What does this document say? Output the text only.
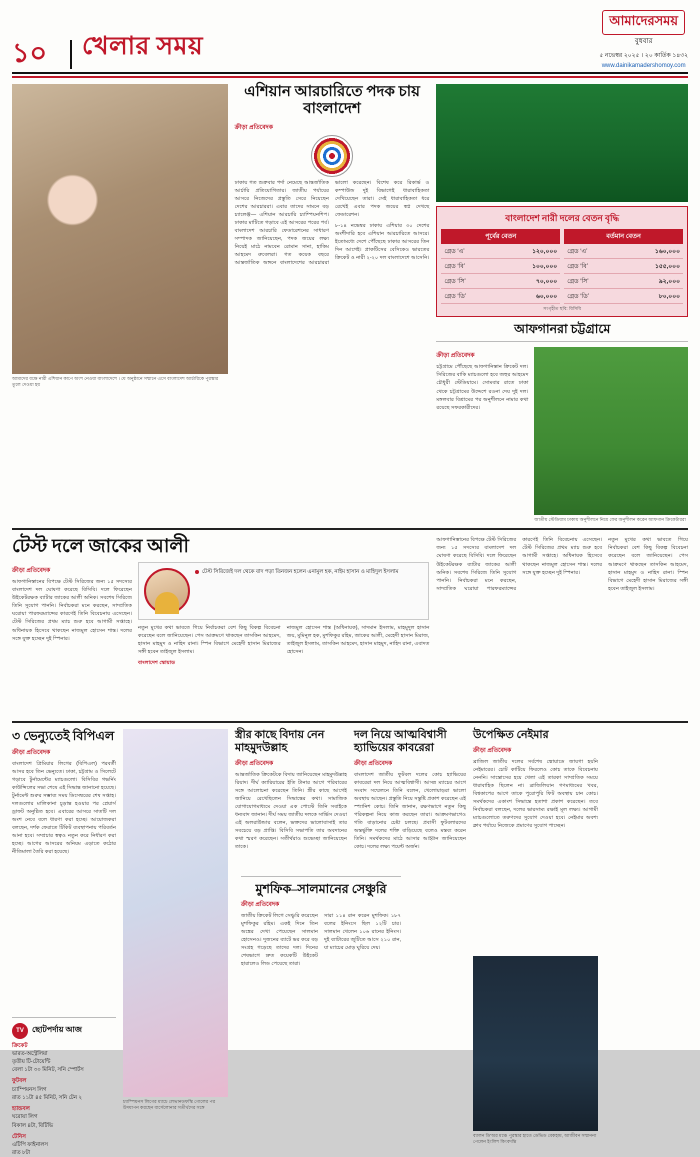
১০	খেলার সময়
আমাদেরসময়
বুধবার
৫ নভেম্বর ২০২৫ ‍। ২০ কার্তিক ১৪৩২
www.dainikamadershomoy.com
আমাদের বক্ষে নারী এশিয়ান কাপে অংশ নেওয়া বাংলাদেশে ‍। যে অনুষ্ঠানে সম্মানে এসে বাংলাদেশ আর্চারিকে পুরস্কার তুলে দেওয়া হয়
এশিয়ান আরচারিতে পদক চায় বাংলাদেশ
ক্রীড়া প্রতিবেদক

ঢাকায় গত শুক্রবার পর্দা নেমেছে আন্তর্জাতিক আর্চারি প্রতিযোগিতার। জাতীয় পর্যায়ের আসরে নিজেদের প্রস্তুতি সেরে নিয়েছেন দেশের আরচাররা। এবার তাদের সামনে বড় চ্যালেঞ্জ— এশিয়ান আরচারি চ্যাম্পিয়নশিপ। ঢাকার মাটিতে গড়াবে এই আসরের পরের পর্ব। বাংলাদেশ আরচারি ফেডারেশনের সাধারণ সম্পাদক জানিয়েছেন, পদক জয়ের লক্ষ্য নিয়েই মাঠে নামবেন রোমান সানা, হাকিম আহমেদ রুবেলরা। গত কয়েক বছরে আন্তর্জাতিক অঙ্গনে বাংলাদেশের আরচাররা ভালো করেছেন। বিশেষ করে রিকার্ভ ও কম্পাউন্ড দুই বিভাগেই ধারাবাহিকতা দেখিয়েছেন তারা। সেই ধারাবাহিকতা ধরে রেখেই এবার পদক জয়ের স্বপ্ন দেখছে ফেডারেশন।

৮-১৪ নভেম্বর ঢাকায় এশিয়ার ৩০ দেশের অংশীদারি হবে এশিয়ান আরচারিতে আসরে। ইতোমধ্যে দেশে পৌঁছেছে ঢাকার আসরের তিন দিন আগেই। প্রাকটিসের বেসিকেও ভারতের ক্রিকেট ও নারী ২-২০ দল বাংলাদেশে আসেনি।

বাংলাদেশ নারী দলের বেতন বৃদ্ধি
পূর্বের বেতন
গ্রেড ‘এ’	১২০,০০০
গ্রেড ‘বি’	১০০,০০০
গ্রেড ‘সি’	৭০,০০০
গ্রেড ‘ডি’	৬০,০০০
বর্তমান বেতন
গ্রেড ‘এ’	১৬০,০০০
গ্রেড ‘বি’	১৫৫,০০০
গ্রেড ‘সি’	৯২,০০০
গ্রেড ‘ডি’	৮০,০০০
সংগৃহীত ছবি: বিসিবি
আফগানরা চট্টগ্রামে
ক্রীড়া প্রতিবেদক
চট্টগ্রামে পৌঁছেছে আফগানিস্তান ক্রিকেট দল। সিরিজের বাকি ম্যাচগুলো হবে জহুর আহমেদ চৌধুরী স্টেডিয়ামে। সোমবার রাতে ঢাকা থেকে চট্টগ্রামের উদ্দেশে রওনা দেয় দুই দল। মঙ্গলবার বিশ্রামের পর অনুশীলনে নামার কথা রয়েছে সফরকারীদের।
জাতীয় স্টেডিয়াম ঢাকায় অনুশীলনে নিয়ে ফের অনুশীলন করেন আফগান ক্রিকেটাররা
টেস্ট দলে জাকের আলী
ক্রীড়া প্রতিবেদক
আফগানিস্তানের বিপক্ষে টেস্ট সিরিজের জন্য ১৫ সদস্যের বাংলাদেশ দল ঘোষণা করেছে বিসিবি। দলে ফিরেছেন উইকেটরক্ষক ব্যাটার জাকের আলী অনিক। সবশেষ সিরিজে তিনি সুযোগ পাননি। নির্বাচকরা মনে করছেন, সাম্প্রতিক ঘরোয়া পারফরম্যান্সের কারণেই তিনি বিবেচনায় এসেছেন। টেস্ট সিরিজের প্রথম ম্যাচ শুরু হবে আগামী সপ্তাহে। অধিনায়ক হিসেবে থাকছেন নাজমুল হোসেন শান্ত। দলের সঙ্গে যুক্ত হচ্ছেন দুই স্পিনার।
টেস্ট সিরিজেই দল থেকে বাদ পড়া তিনজন হলেন এনামুল হক, নাইম হাসান ও মাহিদুল ইসলাম

নতুন মুখের কথা ভাবতে গিয়ে নির্বাচকরা বেশ কিছু বিকল্প বিবেচনা করেছেন বলে জানিয়েছেন। পেস আক্রমণে থাকছেন তাসকিন আহমেদ, হাসান মাহমুদ ও নাহিদ রানা। স্পিন বিভাগে মেহেদী হাসান মিরাজের সঙ্গী হবেন তাইজুল ইসলাম।

বাংলাদেশ স্কোয়াড

নাজমুল হোসেন শান্ত (অধিনায়ক), সাদমান ইসলাম, মাহমুদুল হাসান জয়, মুমিনুল হক, মুশফিকুর রহিম, জাকের আলী, মেহেদী হাসান মিরাজ, তাইজুল ইসলাম, তাসকিন আহমেদ, হাসান মাহমুদ, নাহিদ রানা, এবাদত হোসেন।

আফগানিস্তানের বিপক্ষে টেস্ট সিরিজের জন্য ১৫ সদস্যের বাংলাদেশ দল ঘোষণা করেছে বিসিবি। দলে ফিরেছেন উইকেটরক্ষক ব্যাটার জাকের আলী অনিক। সবশেষ সিরিজে তিনি সুযোগ পাননি। নির্বাচকরা মনে করছেন, সাম্প্রতিক ঘরোয়া পারফরম্যান্সের কারণেই তিনি বিবেচনায় এসেছেন। টেস্ট সিরিজের প্রথম ম্যাচ শুরু হবে আগামী সপ্তাহে। অধিনায়ক হিসেবে থাকছেন নাজমুল হোসেন শান্ত। দলের সঙ্গে যুক্ত হচ্ছেন দুই স্পিনার।

নতুন মুখের কথা ভাবতে গিয়ে নির্বাচকরা বেশ কিছু বিকল্প বিবেচনা করেছেন বলে জানিয়েছেন। পেস আক্রমণে থাকছেন তাসকিন আহমেদ, হাসান মাহমুদ ও নাহিদ রানা। স্পিন বিভাগে মেহেদী হাসান মিরাজের সঙ্গী হবেন তাইজুল ইসলাম।

৩ ভেন্যুতেই বিপিএল
ক্রীড়া প্রতিবেদক
বাংলাদেশ প্রিমিয়ার লিগের (বিপিএল) পরবর্তী আসর হবে তিন ভেন্যুতে। ঢাকা, চট্টগ্রাম ও সিলেটে গড়াবে টুর্নামেন্টের ম্যাচগুলো। বিসিবির গভর্নিং কাউন্সিলের সভা শেষে এই সিদ্ধান্ত জানানো হয়েছে। টুর্নামেন্ট শুরুর সম্ভাব্য সময় ডিসেম্বরের শেষ সপ্তাহ। দলগুলোর মালিকানা চূড়ান্ত হওয়ার পর প্লেয়ার্স ড্রাফট অনুষ্ঠিত হবে। এবারের আসরে সাতটি দল অংশ নেবে বলে ধারণা করা হচ্ছে। আয়োজকরা বলছেন, দর্শক ফেরাতে টিকিট ব্যবস্থাপনায় পরিবর্তন আনা হবে। সম্প্রচার স্বত্বও নতুন করে নির্ধারণ করা হচ্ছে। আগের আসরের অনিয়ম এড়াতে কঠোর নীতিমালা তৈরি করা হয়েছে।
TV	ছোটপর্দায় আজ
ক্রিকেট
ভারত-অস্ট্রেলিয়া
তৃতীয় টি-টোয়েন্টি
বেলা ১টা ৩০ মিনিট, সনি স্পোর্টস
ফুটবল
চ্যাম্পিয়নস লিগ
রাত ১১টা ৪৫ মিনিট, সনি টেন ২
হ্যান্ডবল
ঘরোয়া লিগ
বিকাল ৪টা, বিটিভি
টেনিস
এটিপি ফাইনালস
রাত ৮টা
চ্যাম্পিয়নস লিগের ম্যাচে লেভানডফস্কি গোলের পর উদযাপন করছেন বার্সেলোনার সতীর্থদের সঙ্গে
স্ত্রীর কাছে বিদায় নেন মাহমুদউল্লাহ
ক্রীড়া প্রতিবেদক
আন্তর্জাতিক ক্রিকেটকে বিদায় জানিয়েছেন মাহমুদউল্লাহ রিয়াদ। দীর্ঘ ক্যারিয়ারের ইতি টানার আগে পরিবারের সঙ্গে আলোচনা করেছেন তিনি। স্ত্রীর কাছে আগেই জানিয়ে রেখেছিলেন সিদ্ধান্তের কথা। সামাজিক যোগাযোগমাধ্যমে দেওয়া এক পোস্টে তিনি সবাইকে ধন্যবাদ জানান। দীর্ঘ সময় জাতীয় দলকে সার্ভিস দেওয়া এই অলরাউন্ডার বলেন, ভক্তদের ভালোবাসাই তার সবচেয়ে বড় প্রাপ্তি। বিসিবি সভাপতি তার অবদানের কথা স্মরণ করেছেন। সতীর্থরাও শুভেচ্ছা জানিয়েছেন তাকে।
দল নিয়ে আত্মবিশ্বাসী হ্যাভিয়ের কাবরেরা
ক্রীড়া প্রতিবেদক
বাংলাদেশ জাতীয় ফুটবল দলের কোচ হ্যাভিয়ের কাবরেরা দল নিয়ে আত্মবিশ্বাসী। আসন্ন ম্যাচের আগে সংবাদ সম্মেলনে তিনি বলেন, খেলোয়াড়রা ভালো অবস্থায় আছেন। প্রস্তুতি নিয়ে সন্তুষ্টি প্রকাশ করেছেন এই স্প্যানিশ কোচ। তিনি জানান, রক্ষণভাগে নতুন কিছু পরিকল্পনা নিয়ে কাজ করছেন তারা। আক্রমণভাগেও গতি বাড়ানোর চেষ্টা চলছে। প্রবাসী ফুটবলারদের অন্তর্ভুক্তি দলের শক্তি বাড়িয়েছে বলেও মন্তব্য করেন তিনি। সমর্থকদের মাঠে আসার আহ্বান জানিয়েছেন কোচ। দলের লক্ষ্য পয়েন্ট অর্জন।
উপেক্ষিত নেইমার
ক্রীড়া প্রতিবেদক
ব্রাজিল জাতীয় দলের সর্বশেষ স্কোয়াডে জায়গা হয়নি নেইমারের। চোট কাটিয়ে ফিরলেও কোচ তাকে বিবেচনায় নেননি। সান্তোসের হয়ে খেলা এই তারকা সাম্প্রতিক সময়ে ধারাবাহিক ছিলেন না। ব্রাজিলিয়ান গণমাধ্যমের খবর, বিশ্বকাপের আগে তাকে পুরোপুরি ফিট অবস্থায় চান কোচ। সমর্থকদের একাংশ সিদ্ধান্তে হতাশা প্রকাশ করেছেন। তবে নির্বাচকরা বলছেন, দলের ভারসাম্য রক্ষাই মূল লক্ষ্য। আগামী ম্যাচগুলোতে তরুণদের সুযোগ দেওয়া হবে। নেইমার অবশ্য ক্লাব পর্যায়ে নিজেকে প্রমাণের সুযোগ পাচ্ছেন।
ব্যালন ডি'অর মঞ্চে পুরস্কার হাতে ডেভিড বেকহাম, আজীবন সম্মাননা পেলেন ইংলিশ কিংবদন্তি
মুশফিক–সালমানের সেঞ্চুরি
ক্রীড়া প্রতিবেদক

জাতীয় ক্রিকেট লিগে সেঞ্চুরি করেছেন মুশফিকুর রহিম। একই দিনে তিন অঙ্কের দেখা পেয়েছেন সালমান হোসেনও। দুজনের ব্যাটে ভর করে বড় সংগ্রহ গড়েছে তাদের দল। দিনের শেষভাগে দ্রুত কয়েকটি উইকেট হারালেও লিড পেয়েছে তারা।

সারা ১১৪ রান করেন মুশফিক। ১৮৭ বলের ইনিংসে ছিল ১২টি চার। সালমান খেলেন ১০৬ রানের ইনিংস। দুই ব্যাটারের জুটিতে আসে ২১০ রান, যা ম্যাচের মোড় ঘুরিয়ে দেয়।
